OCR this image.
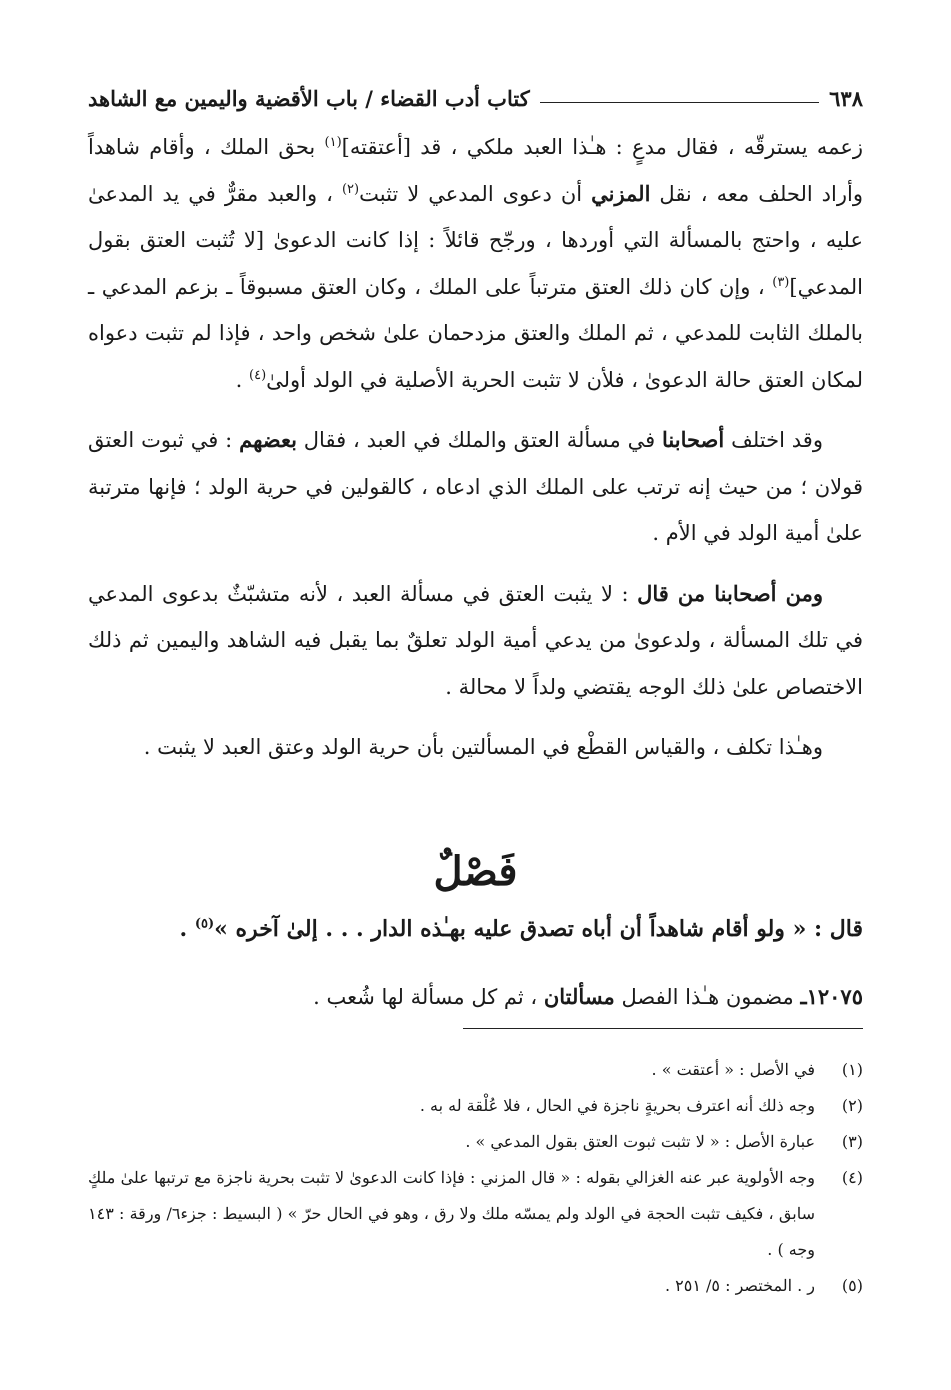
٦٣٨
كتاب أدب القضاء / باب الأقضية واليمين مع الشاهد

زعمه يسترقّه ، فقال مدعٍ : هـٰذا العبد ملكي ، قد [أعتقته]$^{(١)}$ بحق الملك ، وأقام شاهداً وأراد الحلف معه ، نقل المزني أن دعوى المدعي لا تثبت$^{(٢)}$ ، والعبد مقرٌّ في يد المدعىٰ عليه ، واحتج بالمسألة التي أوردها ، ورجّح قائلاً : إذا كانت الدعوىٰ [لا تُثبت العتق بقول المدعي]$^{(٣)}$ ، وإن كان ذلك العتق مترتباً على الملك ، وكان العتق مسبوقاً ـ بزعم المدعي ـ بالملك الثابت للمدعي ، ثم الملك والعتق مزدحمان علىٰ شخص واحد ، فإذا لم تثبت دعواه لمكان العتق حالة الدعوىٰ ، فلأن لا تثبت الحرية الأصلية في الولد أولىٰ$^{(٤)}$ .

وقد اختلف أصحابنا في مسألة العتق والملك في العبد ، فقال بعضهم : في ثبوت العتق قولان ؛ من حيث إنه ترتب على الملك الذي ادعاه ، كالقولين في حرية الولد ؛ فإنها مترتبة علىٰ أمية الولد في الأم .

ومن أصحابنا من قال : لا يثبت العتق في مسألة العبد ، لأنه متشبّثٌ بدعوى المدعي في تلك المسألة ، ولدعوىٰ من يدعي أمية الولد تعلقٌ بما يقبل فيه الشاهد واليمين ثم ذلك الاختصاص علىٰ ذلك الوجه يقتضي ولداً لا محالة .

وهـٰذا تكلف ، والقياس القطْع في المسألتين بأن حرية الولد وعتق العبد لا يثبت .

فَصْلٌ
قال : « ولو أقام شاهداً أن أباه تصدق عليه بهـٰذه الدار . . . إلىٰ آخره »$^{(٥)}$ .
١٢٠٧٥ـ مضمون هـٰذا الفصل مسألتان ، ثم كل مسألة لها شُعب .
(١)
في الأصل : « أعتقت » .
(٢)
وجه ذلك أنه اعترف بحريةٍ ناجزة في الحال ، فلا عُلْقة له به .
(٣)
عبارة الأصل : « لا تثبت ثبوت العتق بقول المدعي » .
(٤)
وجه الأولوية عبر عنه الغزالي بقوله : « قال المزني : فإذا كانت الدعوىٰ لا تثبت بحرية ناجزة مع ترتبها علىٰ ملكٍ سابق ، فكيف تثبت الحجة في الولد ولم يمسّه ملك ولا رق ، وهو في الحال حرّ » ( البسيط : جزء٦/ ورقة : ١٤٣ وجه ) .
(٥)
ر . المختصر : ٥/ ٢٥١ .
